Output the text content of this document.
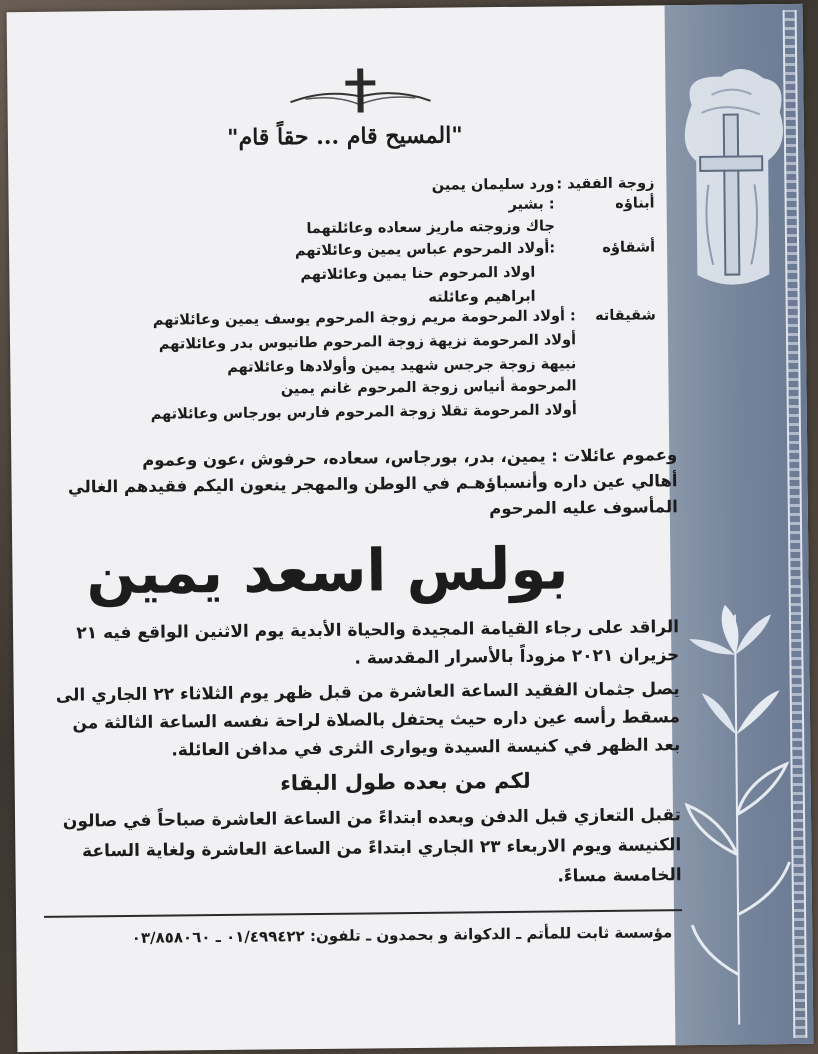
"المسيح قام ... حقاً قام"
زوجة الفقيد :
ورد سليمان يمين
أبناؤه
: بشير
جاك وزوجته ماريز سعاده وعائلتهما
أشقاؤه
:أولاد المرحوم عباس يمين وعائلاتهم
اولاد المرحوم حنا يمين وعائلاتهم
ابراهيم وعائلته
شقيقاته
: أولاد المرحومة مريم زوجة المرحوم يوسف يمين وعائلاتهم
أولاد المرحومة نزيهة زوجة المرحوم طانيوس بدر وعائلاتهم
نبيهة زوجة جرجس شهيد يمين وأولادها وعائلاتهم
المرحومة أنياس زوجة المرحوم غانم يمين
أولاد المرحومة تقلا زوجة المرحوم فارس بورجاس وعائلاتهم
وعموم عائلات : يمين، بدر، بورجاس، سعاده، حرفوش ،عون وعموم
أهالي عين داره وأنسباؤهـم في الوطن والمهجر ينعون اليكم فقيدهم الغالي
المأسوف عليه المرحوم
بولس اسعد يمين
الراقد على رجاء القيامة المجيدة والحياة الأبدية يوم الاثنين الواقع فيه ٢١
حزيران ٢٠٢١ مزوداً بالأسرار المقدسة .
يصل جثمان الفقيد الساعة العاشرة من قبل ظهر يوم الثلاثاء ٢٢ الجاري الى
مسقط رأسه عين داره حيث يحتفل بالصلاة لراحة نفسه الساعة الثالثة من
بعد الظهر في كنيسة السيدة ويوارى الثرى في مدافن العائلة.
لكم من بعده طول البقاء
تقبل التعازي قبل الدفن وبعده ابتداءً من الساعة العاشرة صباحاً في صالون
الكنيسة ويوم الاربعاء ٢٣ الجاري ابتداءً من الساعة العاشرة ولغاية الساعة
الخامسة مساءً.
مؤسسة ثابت للمأتم ـ الدكوانة و بحمدون ـ تلفون: ٠١/٤٩٩٤٢٢ ـ ٠٣/٨٥٨٠٦٠
